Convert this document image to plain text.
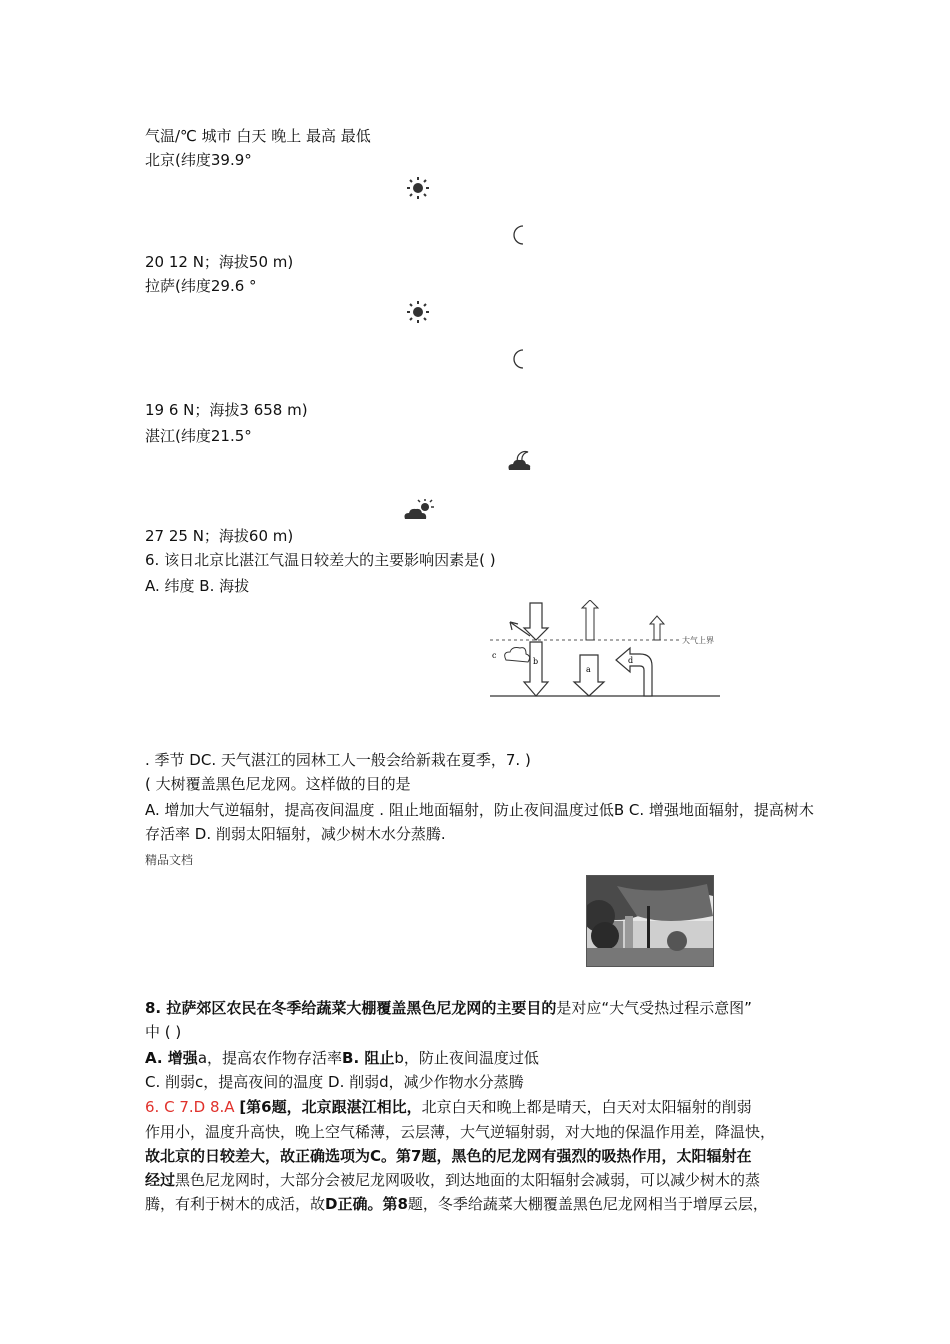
气温/℃ 城市 白天 晚上 最高 最低
北京(纬度39.9°
20 12 N；海拔50 m)
拉萨(纬度29.6 °
19 6 N；海拔3 658 m)
湛江(纬度21.5°
27 25 N；海拔60 m)
6. 该日北京比湛江气温日较差大的主要影响因素是( )
A. 纬度 B. 海拔
大气上界
b
c
a
d
. 季节 DC. 天气湛江的园林工人一般会给新栽在夏季，7. )
( 大树覆盖黑色尼龙网。这样做的目的是
A. 增加大气逆辐射，提高夜间温度 . 阻止地面辐射，防止夜间温度过低B C. 增强地面辐射，提高树木存活率 D. 削弱太阳辐射，减少树木水分蒸腾.
精品文档
8. 拉萨郊区农民在冬季给蔬菜大棚覆盖黑色尼龙网的主要目的是对应“大气受热过程示意图”
中 ( )
A. 增强a，提高农作物存活率B. 阻止b，防止夜间温度过低
C. 削弱c，提高夜间的温度 D. 削弱d，减少作物水分蒸腾
6. C 7.D 8.A [第6题，北京跟湛江相比，北京白天和晚上都是晴天，白天对太阳辐射的削弱
作用小，温度升高快，晚上空气稀薄，云层薄，大气逆辐射弱，对大地的保温作用差，降温快，
故北京的日较差大，故正确选项为C。第7题，黑色的尼龙网有强烈的吸热作用，太阳辐射在
经过黑色尼龙网时，大部分会被尼龙网吸收，到达地面的太阳辐射会减弱，可以减少树木的蒸
腾，有利于树木的成活，故D正确。第8题，冬季给蔬菜大棚覆盖黑色尼龙网相当于增厚云层，
